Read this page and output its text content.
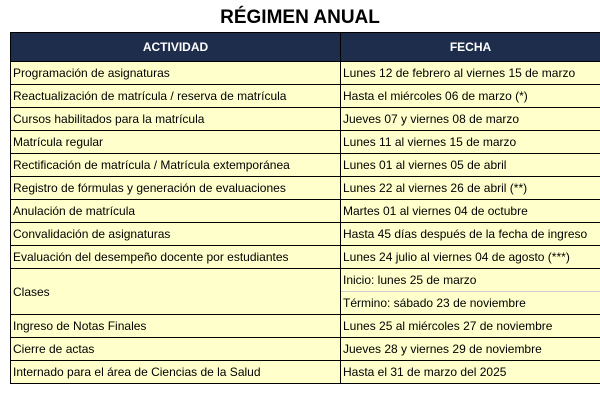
RÉGIMEN ANUAL
ACTIVIDAD	FECHA
Programación de asignaturas	Lunes 12 de febrero al viernes 15 de marzo
Reactualización de matrícula / reserva de matrícula	Hasta el miércoles 06 de marzo (*)
Cursos habilitados para la matrícula	Jueves 07 y viernes 08 de marzo
Matrícula regular	Lunes 11 al viernes 15 de marzo
Rectificación de matrícula / Matrícula extemporánea	Lunes 01 al viernes 05 de abril
Registro de fórmulas y generación de evaluaciones	Lunes 22 al viernes 26 de abril (**)
Anulación de matrícula	Martes 01 al viernes 04 de octubre
Convalidación de asignaturas	Hasta 45 días después de la fecha de ingreso
Evaluación del desempeño docente por estudiantes	Lunes 24 julio al viernes 04 de agosto (***)
Clases	Inicio: lunes 25 de marzo
	Término: sábado 23 de noviembre
Ingreso de Notas Finales	Lunes 25 al miércoles 27 de noviembre
Cierre de actas	Jueves 28 y viernes 29 de noviembre
Internado para el área de Ciencias de la Salud	Hasta el 31 de marzo del 2025
